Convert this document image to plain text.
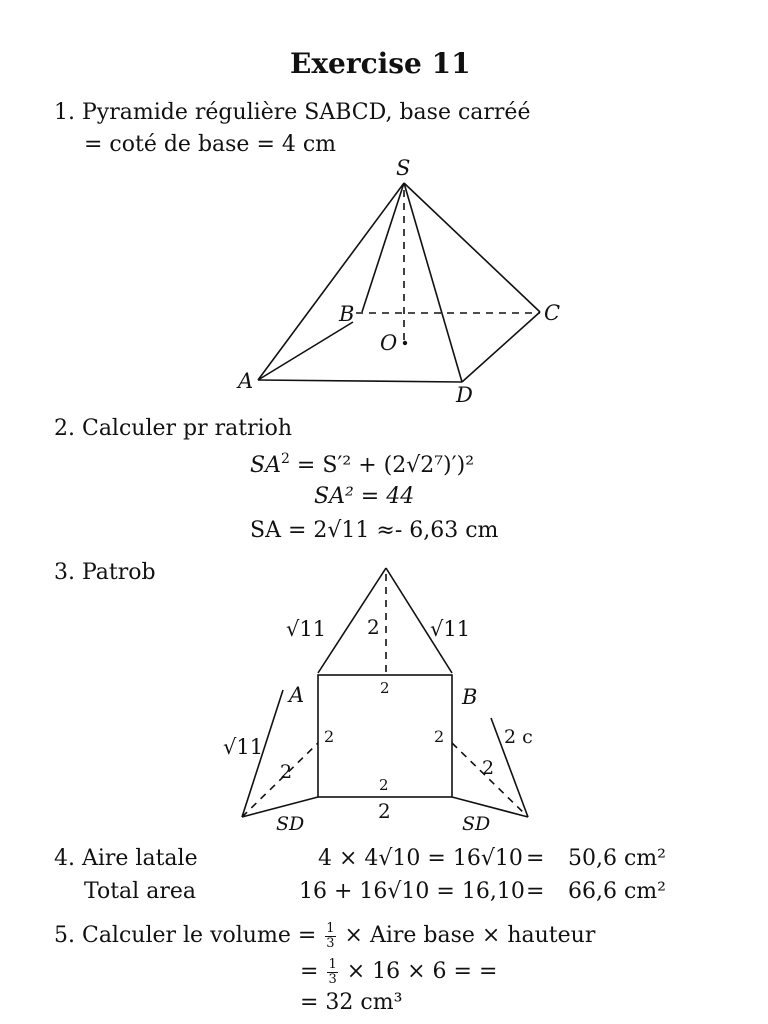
Exercise 11
1. Pyramide régulière SABCD, base carréé
= coté de base = 4 cm
S
B	C
O
A
D
2. Calculer pr ratrioh
$SA^2 = S'^2 + (2√2^7)')^2$
SA² = 44
SA = 2√11 ≈- 6,63 cm
3. Patrob
√11 2 √11
2
A	B
2	2
√11	2 c
2	2
2
2
SD	SD
4. Aire latale	4 × 4√10 = 16√10 = 50,6 cm²
Total area	16 + 16√10 = 16,10 = 66,6 cm²
5. Calculer le volume = $\frac{1}{3}$ × Aire base × hauteur
= $\frac{1}{3} \times 16 \times 6$ = =
= 32 cm³
